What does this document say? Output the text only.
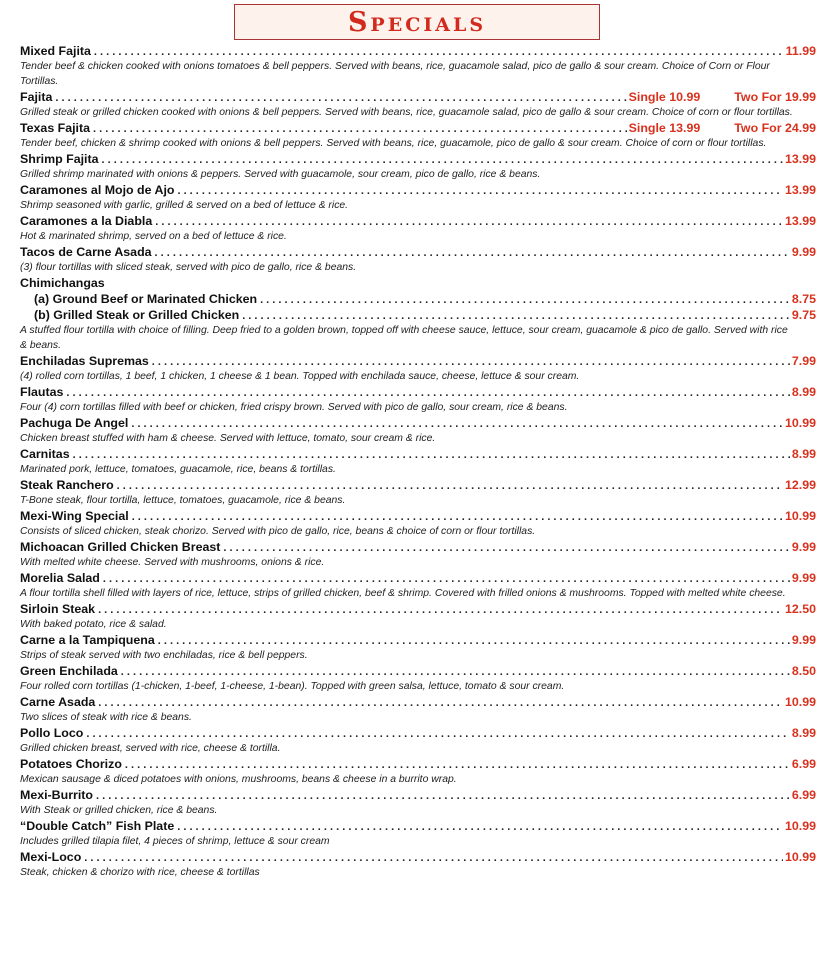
Specials
Mixed Fajita . . .	11.99
Tender beef & chicken cooked with onions tomatoes & bell peppers. Served with beans, rice, guacamole salad, pico de gallo & sour cream. Choice of Corn or Flour Tortillas.
Fajita . . .	Single 10.99	Two For 19.99
Grilled steak or grilled chicken cooked with onions & bell peppers. Served with beans, rice, guacamole salad, pico de gallo & sour cream. Choice of corn or flour tortillas.
Texas Fajita . . .	Single 13.99	Two For 24.99
Tender beef, chicken & shrimp cooked with onions & bell peppers. Served with beans, rice, guacamole, pico de gallo & sour cream. Choice of corn or flour tortillas.
Shrimp Fajita . . .	13.99
Grilled shrimp marinated with onions & peppers. Served with guacamole, sour cream, pico de gallo, rice & beans.
Caramones al Mojo de Ajo . . .	13.99
Shrimp seasoned with garlic, grilled & served on a bed of lettuce & rice.
Caramones a la Diabla . . .	13.99
Hot & marinated shrimp, served on a bed of lettuce & rice.
Tacos de Carne Asada . . .	9.99
(3) flour tortillas with sliced steak, served with pico de gallo, rice & beans.
Chimichangas
(a) Ground Beef or Marinated Chicken . . .	8.75
(b) Grilled Steak or Grilled Chicken . . .	9.75
A stuffed flour tortilla with choice of filling. Deep fried to a golden brown, topped off with cheese sauce, lettuce, sour cream, guacamole & pico de gallo. Served with rice & beans.
Enchiladas Supremas . . .	7.99
(4) rolled corn tortillas, 1 beef, 1 chicken, 1 cheese & 1 bean. Topped with enchilada sauce, cheese, lettuce & sour cream.
Flautas . . .	8.99
Four (4) corn tortillas filled with beef or chicken, fried crispy brown. Served with pico de gallo, sour cream, rice & beans.
Pachuga De Angel . . .	10.99
Chicken breast stuffed with ham & cheese. Served with lettuce, tomato, sour cream & rice.
Carnitas . . .	8.99
Marinated pork, lettuce, tomatoes, guacamole, rice, beans & tortillas.
Steak Ranchero . . .	12.99
T-Bone steak, flour tortilla, lettuce, tomatoes, guacamole, rice & beans.
Mexi-Wing Special . . .	10.99
Consists of sliced chicken, steak chorizo. Served with pico de gallo, rice, beans & choice of corn or flour tortillas.
Michoacan Grilled Chicken Breast . . .	9.99
With melted white cheese. Served with mushrooms, onions & rice.
Morelia Salad . . .	9.99
A flour tortilla shell filled with layers of rice, lettuce, strips of grilled chicken, beef & shrimp. Covered with frilled onions & mushrooms. Topped with melted white cheese.
Sirloin Steak . . .	12.50
With baked potato, rice & salad.
Carne a la Tampiquena . . .	9.99
Strips of steak served with two enchiladas, rice & bell peppers.
Green Enchilada . . .	8.50
Four rolled corn tortillas (1-chicken, 1-beef, 1-cheese, 1-bean). Topped with green salsa, lettuce, tomato & sour cream.
Carne Asada . . .	10.99
Two slices of steak with rice & beans.
Pollo Loco . . .	8.99
Grilled chicken breast, served with rice, cheese & tortilla.
Potatoes Chorizo . . .	6.99
Mexican sausage & diced potatoes with onions, mushrooms, beans & cheese in a burrito wrap.
Mexi-Burrito . . .	6.99
With Steak or grilled chicken, rice & beans.
“Double Catch” Fish Plate . . .	10.99
Includes grilled tilapia filet, 4 pieces of shrimp, lettuce & sour cream
Mexi-Loco . . .	10.99
Steak, chicken & chorizo with rice, cheese & tortillas
